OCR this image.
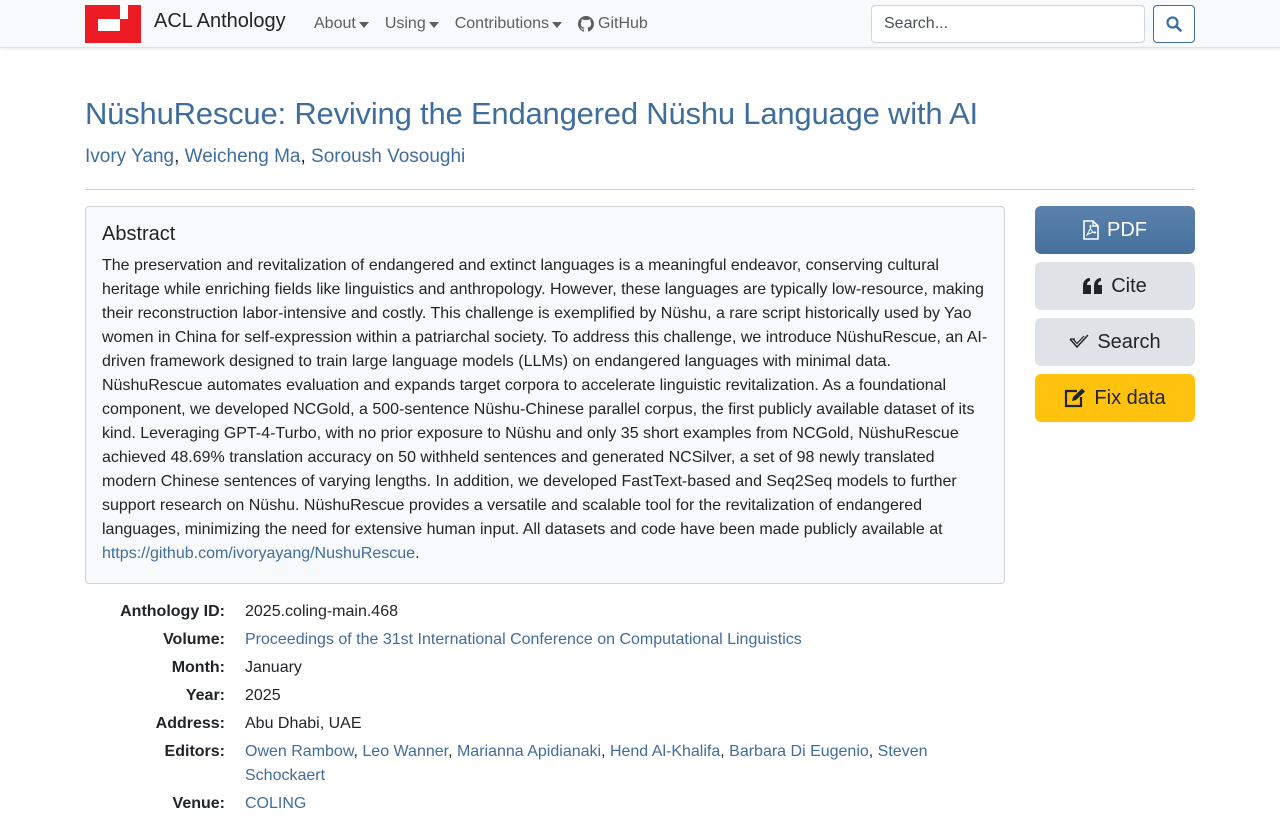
ACL Anthology About Using Contributions	GitHub
Search...
NüshuRescue: Reviving the Endangered Nüshu Language with AI
Ivory Yang, Weicheng Ma, Soroush Vosoughi
Abstract

The preservation and revitalization of endangered and extinct languages is a meaningful endeavor, conserving cultural heritage while enriching fields like linguistics and anthropology. However, these languages are typically low-resource, making their reconstruction labor-intensive and costly. This challenge is exemplified by Nüshu, a rare script historically used by Yao women in China for self-expression within a patriarchal society. To address this challenge, we introduce NüshuRescue, an AI-driven framework designed to train large language models (LLMs) on endangered languages with minimal data. NüshuRescue automates evaluation and expands target corpora to accelerate linguistic revitalization. As a foundational component, we developed NCGold, a 500-sentence Nüshu-Chinese parallel corpus, the first publicly available dataset of its kind. Leveraging GPT-4-Turbo, with no prior exposure to Nüshu and only 35 short examples from NCGold, NüshuRescue achieved 48.69% translation accuracy on 50 withheld sentences and generated NCSilver, a set of 98 newly translated modern Chinese sentences of varying lengths. In addition, we developed FastText-based and Seq2Seq models to further support research on Nüshu. NüshuRescue provides a versatile and scalable tool for the revitalization of endangered languages, minimizing the need for extensive human input. All datasets and code have been made publicly available at https://github.com/ivoryayang/NushuRescue.

PDF
Cite
Search
Fix data
Anthology ID:	2025.coling-main.468
Volume:	Proceedings of the 31st International Conference on Computational Linguistics
Month:	January
Year:	2025
Address:	Abu Dhabi, UAE
Editors:	Owen Rambow, Leo Wanner, Marianna Apidianaki, Hend Al-Khalifa, Barbara Di Eugenio, Steven Schockaert
Venue:	COLING
